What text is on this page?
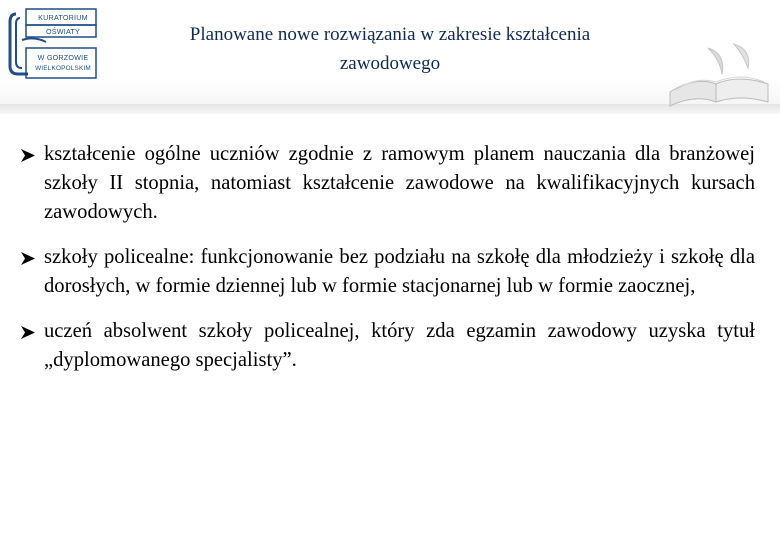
KURATORIUM
OŚWIATY
W GORZOWIE
WIELKOPOLSKIM
Planowane nowe rozwiązania w zakresie kształcenia zawodowego
kształcenie ogólne uczniów zgodnie z ramowym planem nauczania dla branżowej szkoły II stopnia, natomiast kształcenie zawodowe na kwalifikacyjnych kursach zawodowych.
szkoły policealne: funkcjonowanie bez podziału na szkołę dla młodzieży i szkołę dla dorosłych, w formie dziennej lub w formie stacjonarnej lub w formie zaocznej,
uczeń absolwent szkoły policealnej, który zda egzamin zawodowy uzyska tytuł „dyplomowanego specjalisty”.
